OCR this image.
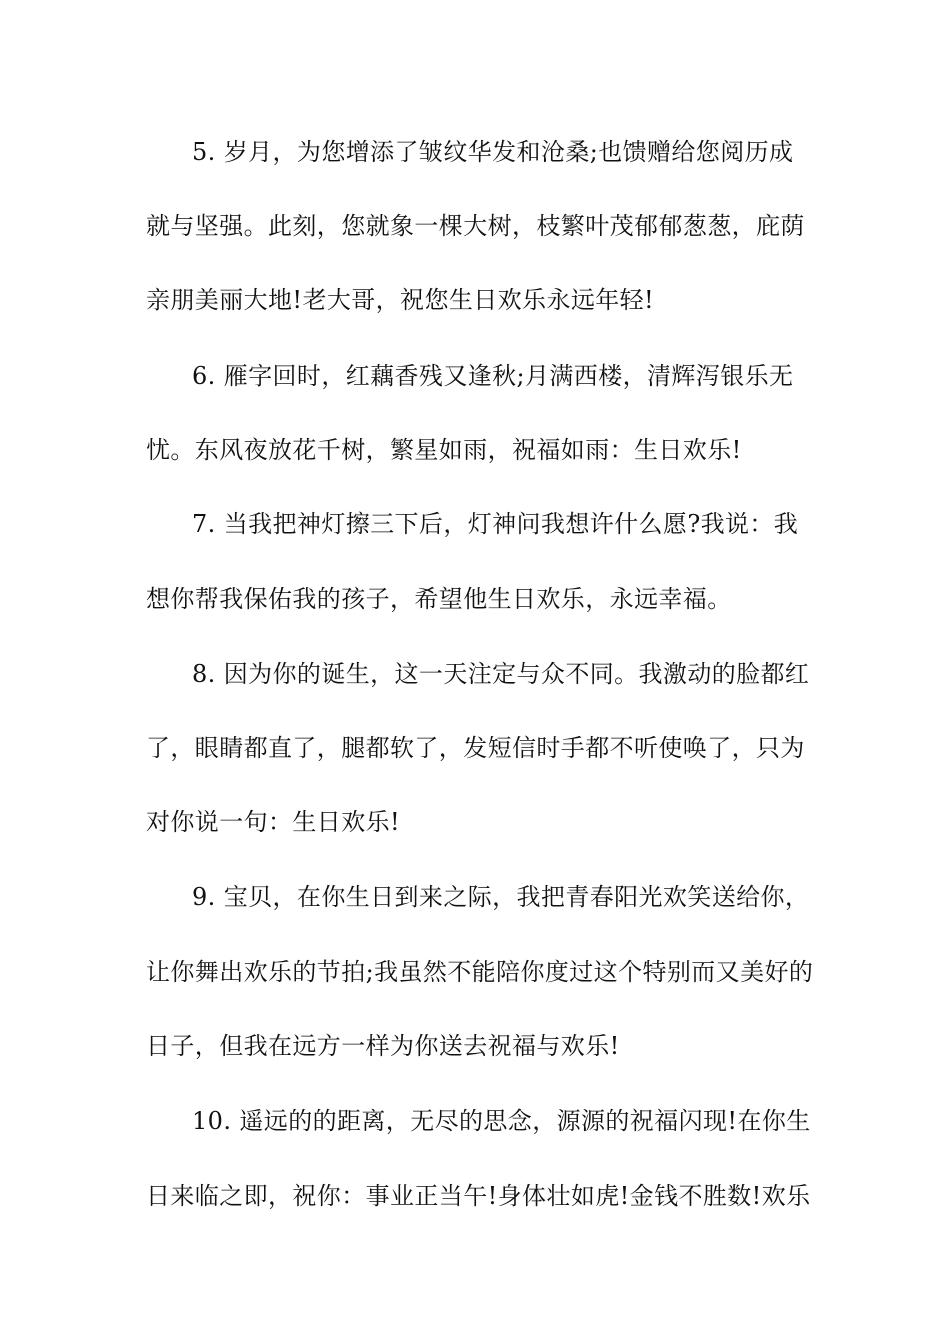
5. 岁月，为您增添了皱纹华发和沧桑;也馈赠给您阅历成
就与坚强。此刻，您就象一棵大树，枝繁叶茂郁郁葱葱，庇荫
亲朋美丽大地!老大哥，祝您生日欢乐永远年轻!
6. 雁字回时，红藕香残又逢秋;月满西楼，清辉泻银乐无
忧。东风夜放花千树，繁星如雨，祝福如雨：生日欢乐!
7. 当我把神灯擦三下后，灯神问我想许什么愿?我说：我
想你帮我保佑我的孩子，希望他生日欢乐，永远幸福。
8. 因为你的诞生，这一天注定与众不同。我激动的脸都红
了，眼睛都直了，腿都软了，发短信时手都不听使唤了，只为
对你说一句：生日欢乐!
9. 宝贝，在你生日到来之际，我把青春阳光欢笑送给你，
让你舞出欢乐的节拍;我虽然不能陪你度过这个特别而又美好的
日子，但我在远方一样为你送去祝福与欢乐!
10. 遥远的的距离，无尽的思念，源源的祝福闪现!在你生
日来临之即，祝你：事业正当午!身体壮如虎!金钱不胜数!欢乐
